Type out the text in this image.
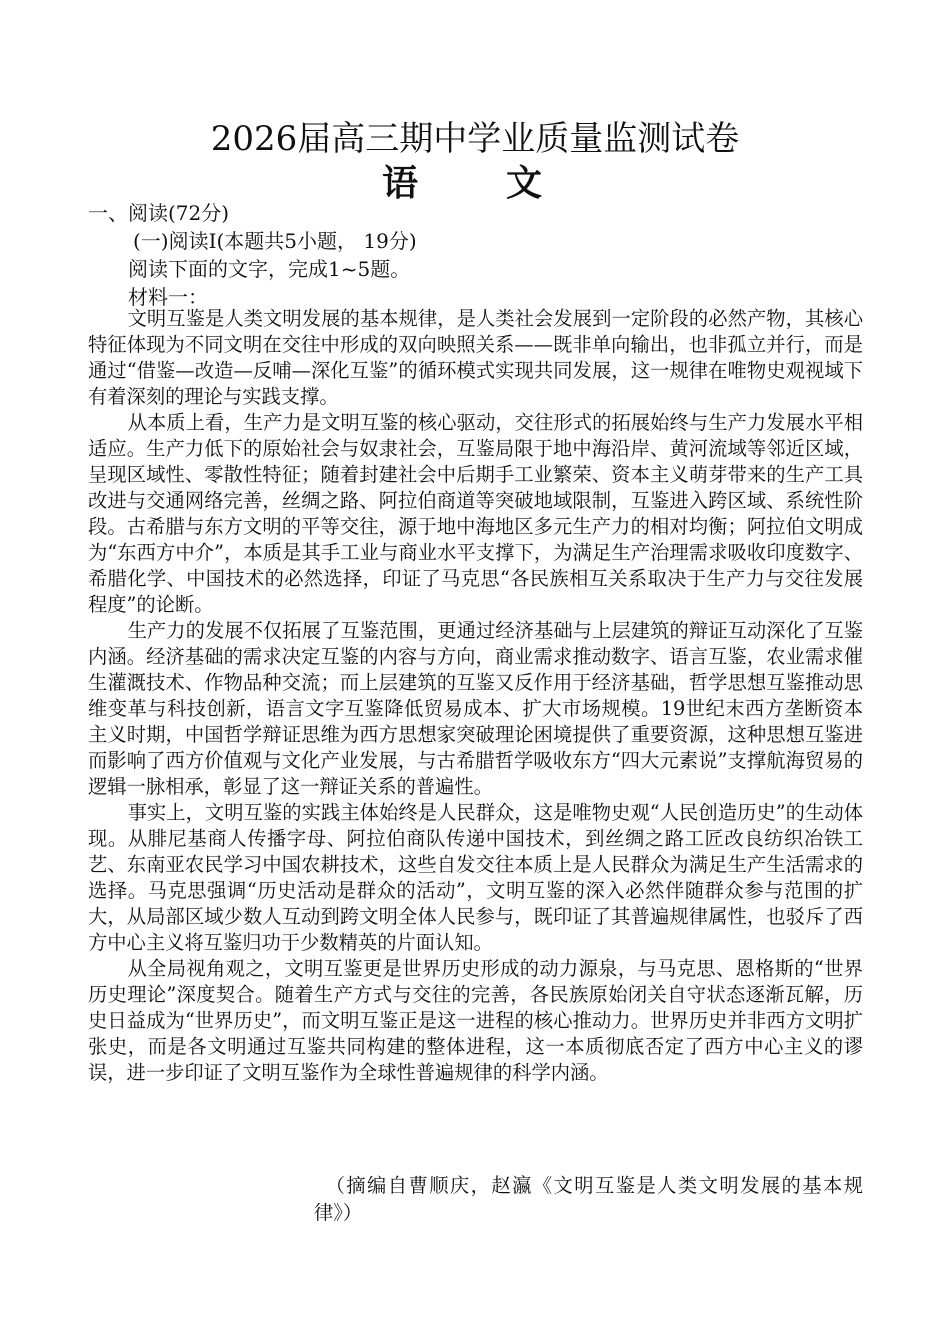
2026届高三期中学业质量监测试卷
语　文
一、阅读(72分)
(一)阅读Ⅰ(本题共5小题， 19分)
阅读下面的文字，完成1~5题。
材料一：

文明互鉴是人类文明发展的基本规律，是人类社会发展到一定阶段的必然产物，其核心特征体现为不同文明在交往中形成的双向映照关系——既非单向输出，也非孤立并行，而是通过“借鉴—改造—反哺—深化互鉴”的循环模式实现共同发展，这一规律在唯物史观视域下有着深刻的理论与实践支撑。

从本质上看，生产力是文明互鉴的核心驱动，交往形式的拓展始终与生产力发展水平相适应。生产力低下的原始社会与奴隶社会，互鉴局限于地中海沿岸、黄河流域等邻近区域，呈现区域性、零散性特征；随着封建社会中后期手工业繁荣、资本主义萌芽带来的生产工具改进与交通网络完善，丝绸之路、阿拉伯商道等突破地域限制，互鉴进入跨区域、系统性阶段。古希腊与东方文明的平等交往，源于地中海地区多元生产力的相对均衡；阿拉伯文明成为“东西方中介”，本质是其手工业与商业水平支撑下，为满足生产治理需求吸收印度数字、希腊化学、中国技术的必然选择，印证了马克思“各民族相互关系取决于生产力与交往发展程度”的论断。

生产力的发展不仅拓展了互鉴范围，更通过经济基础与上层建筑的辩证互动深化了互鉴内涵。经济基础的需求决定互鉴的内容与方向，商业需求推动数字、语言互鉴，农业需求催生灌溉技术、作物品种交流；而上层建筑的互鉴又反作用于经济基础，哲学思想互鉴推动思维变革与科技创新，语言文字互鉴降低贸易成本、扩大市场规模。19世纪末西方垄断资本主义时期，中国哲学辩证思维为西方思想家突破理论困境提供了重要资源，这种思想互鉴进而影响了西方价值观与文化产业发展，与古希腊哲学吸收东方“四大元素说”支撑航海贸易的逻辑一脉相承，彰显了这一辩证关系的普遍性。

事实上，文明互鉴的实践主体始终是人民群众，这是唯物史观“人民创造历史”的生动体现。从腓尼基商人传播字母、阿拉伯商队传递中国技术，到丝绸之路工匠改良纺织冶铁工艺、东南亚农民学习中国农耕技术，这些自发交往本质上是人民群众为满足生产生活需求的选择。马克思强调“历史活动是群众的活动”，文明互鉴的深入必然伴随群众参与范围的扩大，从局部区域少数人互动到跨文明全体人民参与，既印证了其普遍规律属性，也驳斥了西方中心主义将互鉴归功于少数精英的片面认知。

从全局视角观之，文明互鉴更是世界历史形成的动力源泉，与马克思、恩格斯的“世界历史理论”深度契合。随着生产方式与交往的完善，各民族原始闭关自守状态逐渐瓦解，历史日益成为“世界历史”，而文明互鉴正是这一进程的核心推动力。世界历史并非西方文明扩张史，而是各文明通过互鉴共同构建的整体进程，这一本质彻底否定了西方中心主义的谬误，进一步印证了文明互鉴作为全球性普遍规律的科学内涵。

（摘编自曹顺庆，赵瀛《文明互鉴是人类文明发展的基本规律》）
